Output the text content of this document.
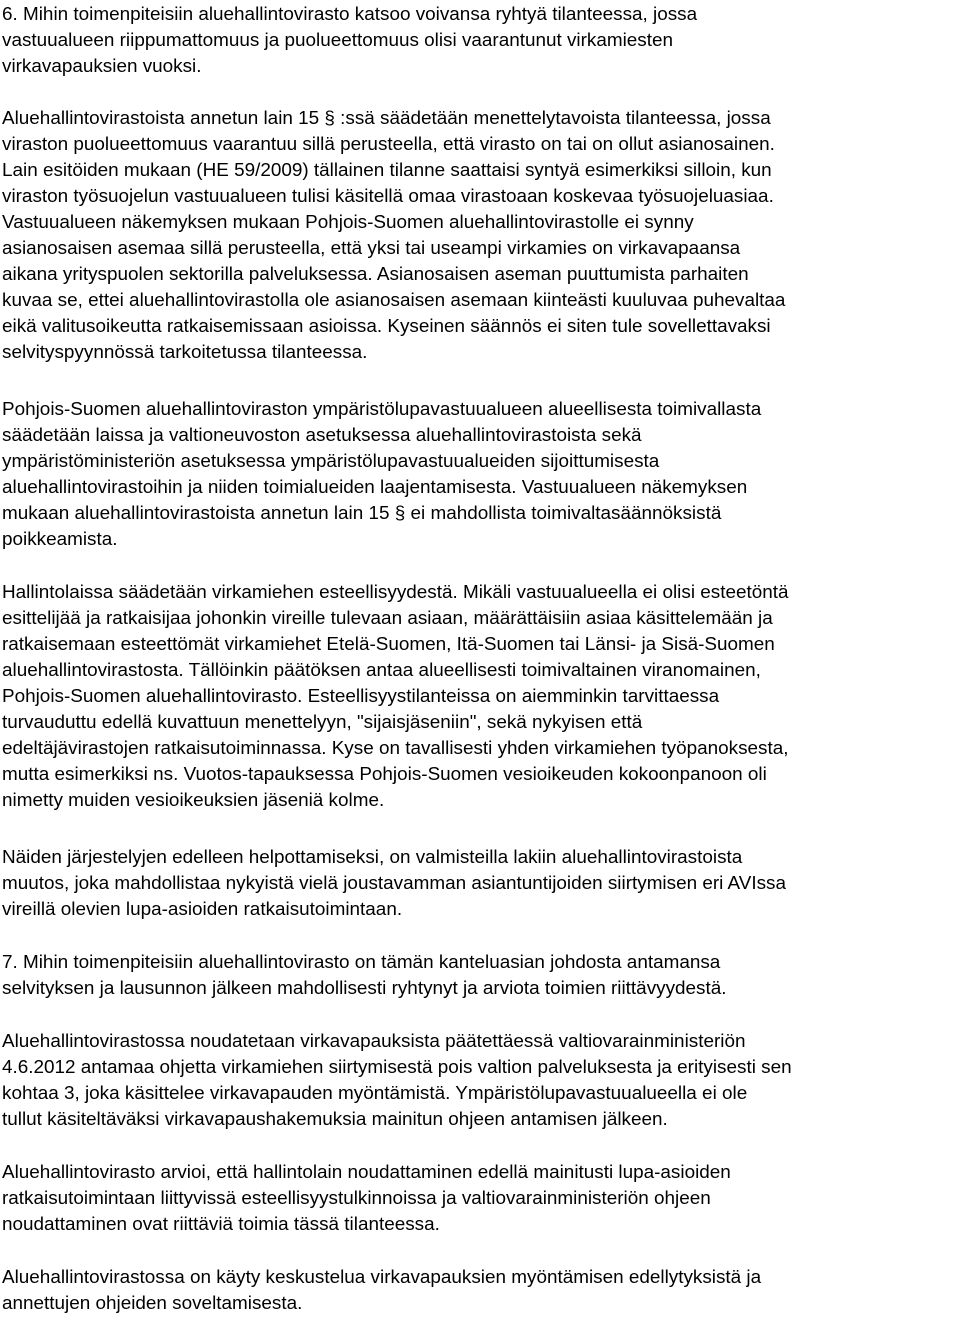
6. Mihin toimenpiteisiin aluehallintovirasto katsoo voivansa ryhtyä tilanteessa, jossa
vastuualueen riippumattomuus ja puolueettomuus olisi vaarantunut virkamiesten
virkavapauksien vuoksi.
Aluehallintovirastoista annetun lain 15 § :ssä säädetään menettelytavoista tilanteessa, jossa
viraston puolueettomuus vaarantuu sillä perusteella, että virasto on tai on ollut asianosainen.
Lain esitöiden mukaan (HE 59/2009) tällainen tilanne saattaisi syntyä esimerkiksi silloin, kun
viraston työsuojelun vastuualueen tulisi käsitellä omaa virastoaan koskevaa työsuojeluasiaa.
Vastuualueen näkemyksen mukaan Pohjois-Suomen aluehallintovirastolle ei synny
asianosaisen asemaa sillä perusteella, että yksi tai useampi virkamies on virkavapaansa
aikana yrityspuolen sektorilla palveluksessa. Asianosaisen aseman puuttumista parhaiten
kuvaa se, ettei aluehallintovirastolla ole asianosaisen asemaan kiinteästi kuuluvaa puhevaltaa
eikä valitusoikeutta ratkaisemissaan asioissa. Kyseinen säännös ei siten tule sovellettavaksi
selvityspyynnössä tarkoitetussa tilanteessa.
Pohjois-Suomen aluehallintoviraston ympäristölupavastuualueen alueellisesta toimivallasta
säädetään laissa ja valtioneuvoston asetuksessa aluehallintovirastoista sekä
ympäristöministeriön asetuksessa ympäristölupavastuualueiden sijoittumisesta
aluehallintovirastoihin ja niiden toimialueiden laajentamisesta. Vastuualueen näkemyksen
mukaan aluehallintovirastoista annetun lain 15 § ei mahdollista toimivaltasäännöksistä
poikkeamista.
Hallintolaissa säädetään virkamiehen esteellisyydestä. Mikäli vastuualueella ei olisi esteetöntä
esittelijää ja ratkaisijaa johonkin vireille tulevaan asiaan, määrättäisiin asiaa käsittelemään ja
ratkaisemaan esteettömät virkamiehet Etelä-Suomen, Itä-Suomen tai Länsi- ja Sisä-Suomen
aluehallintovirastosta. Tällöinkin päätöksen antaa alueellisesti toimivaltainen viranomainen,
Pohjois-Suomen aluehallintovirasto. Esteellisyystilanteissa on aiemminkin tarvittaessa
turvauduttu edellä kuvattuun menettelyyn, "sijaisjäseniin", sekä nykyisen että
edeltäjävirastojen ratkaisutoiminnassa. Kyse on tavallisesti yhden virkamiehen työpanoksesta,
mutta esimerkiksi ns. Vuotos-tapauksessa Pohjois-Suomen vesioikeuden kokoonpanoon oli
nimetty muiden vesioikeuksien jäseniä kolme.
Näiden järjestelyjen edelleen helpottamiseksi, on valmisteilla lakiin aluehallintovirastoista
muutos, joka mahdollistaa nykyistä vielä joustavamman asiantuntijoiden siirtymisen eri AVIssa
vireillä olevien lupa-asioiden ratkaisutoimintaan.
7. Mihin toimenpiteisiin aluehallintovirasto on tämän kanteluasian johdosta antamansa
selvityksen ja lausunnon jälkeen mahdollisesti ryhtynyt ja arviota toimien riittävyydestä.
Aluehallintovirastossa noudatetaan virkavapauksista päätettäessä valtiovarainministeriön
4.6.2012 antamaa ohjetta virkamiehen siirtymisestä pois valtion palveluksesta ja erityisesti sen
kohtaa 3, joka käsittelee virkavapauden myöntämistä. Ympäristölupavastuualueella ei ole
tullut käsiteltäväksi virkavapaushakemuksia mainitun ohjeen antamisen jälkeen.
Aluehallintovirasto arvioi, että hallintolain noudattaminen edellä mainitusti lupa-asioiden
ratkaisutoimintaan liittyvissä esteellisyystulkinnoissa ja valtiovarainministeriön ohjeen
noudattaminen ovat riittäviä toimia tässä tilanteessa.
Aluehallintovirastossa on käyty keskustelua virkavapauksien myöntämisen edellytyksistä ja
annettujen ohjeiden soveltamisesta.
